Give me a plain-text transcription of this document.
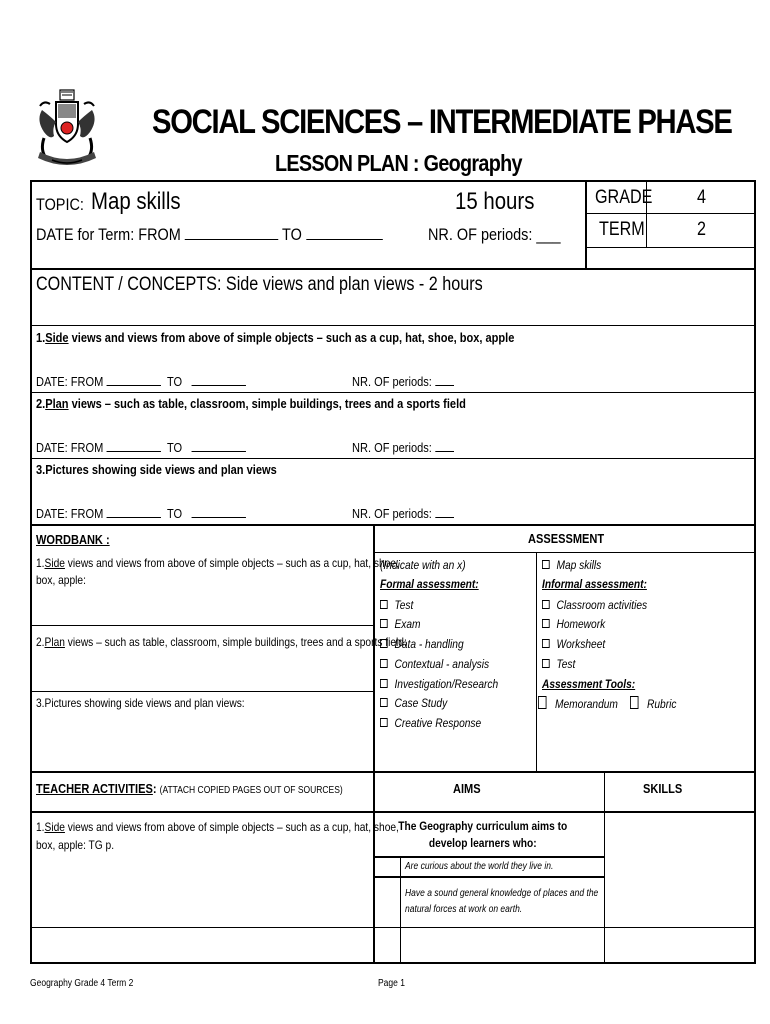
SOCIAL SCIENCES – INTERMEDIATE PHASE
LESSON PLAN : Geography
TOPIC: Map skills	15 hours
DATE for Term: FROM	TO	NR. OF periods: ___
GRADE 4
TERM	2
CONTENT / CONCEPTS: Side views and plan views - 2 hours
1.Side views and views from above of simple objects – such as a cup, hat, shoe, box, apple
DATE: FROM	TO	NR. OF periods:
2.Plan views – such as table, classroom, simple buildings, trees and a sports field
DATE: FROM	TO	NR. OF periods:
3.Pictures showing side views and plan views
DATE: FROM	TO	NR. OF periods:
WORDBANK :	ASSESSMENT
1.Side views and views from above of simple objects – such as a cup, hat, shoe,
box, apple:
2.Plan views – such as table, classroom, simple buildings, trees and a sports field:
3.Pictures showing side views and plan views:
(Indicate with an x)
Formal assessment:
Test
Exam
Data - handling
Contextual - analysis
Investigation/Research
Case Study
Creative Response
Map skills
Informal assessment:
Classroom activities
Homework
Worksheet
Test
Assessment Tools:
Memorandum	Rubric
TEACHER ACTIVITIES: (ATTACH COPIED PAGES OUT OF SOURCES)	AIMS	SKILLS
1.Side views and views from above of simple objects – such as a cup, hat, shoe,
box, apple: TG p.
The Geography curriculum aims to develop learners who:
Are curious about the world they live in.
Have a sound general knowledge of places and the natural forces at work on earth.
Geography Grade 4 Term 2	Page 1
